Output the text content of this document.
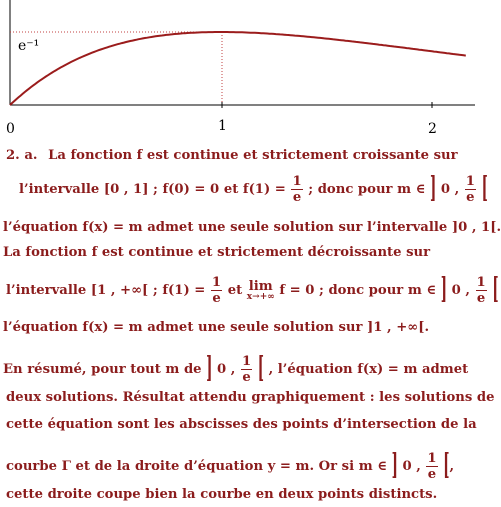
e⁻¹
0	1	2
2. a. La fonction f est continue et strictement croissante sur
l’intervalle [0 , 1] ; f(0) = 0 et $f(1) = \frac{1}{e}$ ; donc pour m ∈ ] 0 , $\frac{1}{e}$ [
l’équation f(x) = m admet une seule solution sur l’intervalle ]0 , 1[.
La fonction f est continue et strictement décroissante sur
l’intervalle [1 , +∞[ ; $f(1) = \frac{1}{e}$ et lim
x→+∞ f = 0 ; donc pour m ∈ ] 0 , $\frac{1}{e}$ [
l’équation f(x) = m admet une seule solution sur ]1 , +∞[.
En résumé, pour tout m de ] 0 , $\frac{1}{e}$ [ , l’équation f(x) = m admet
deux solutions. Résultat attendu graphiquement : les solutions de
cette équation sont les abscisses des points d’intersection de la
courbe Γ et de la droite d’équation y = m. Or si m ∈ ] 0 , $\frac{1}{e}$ [,
cette droite coupe bien la courbe en deux points distincts.
